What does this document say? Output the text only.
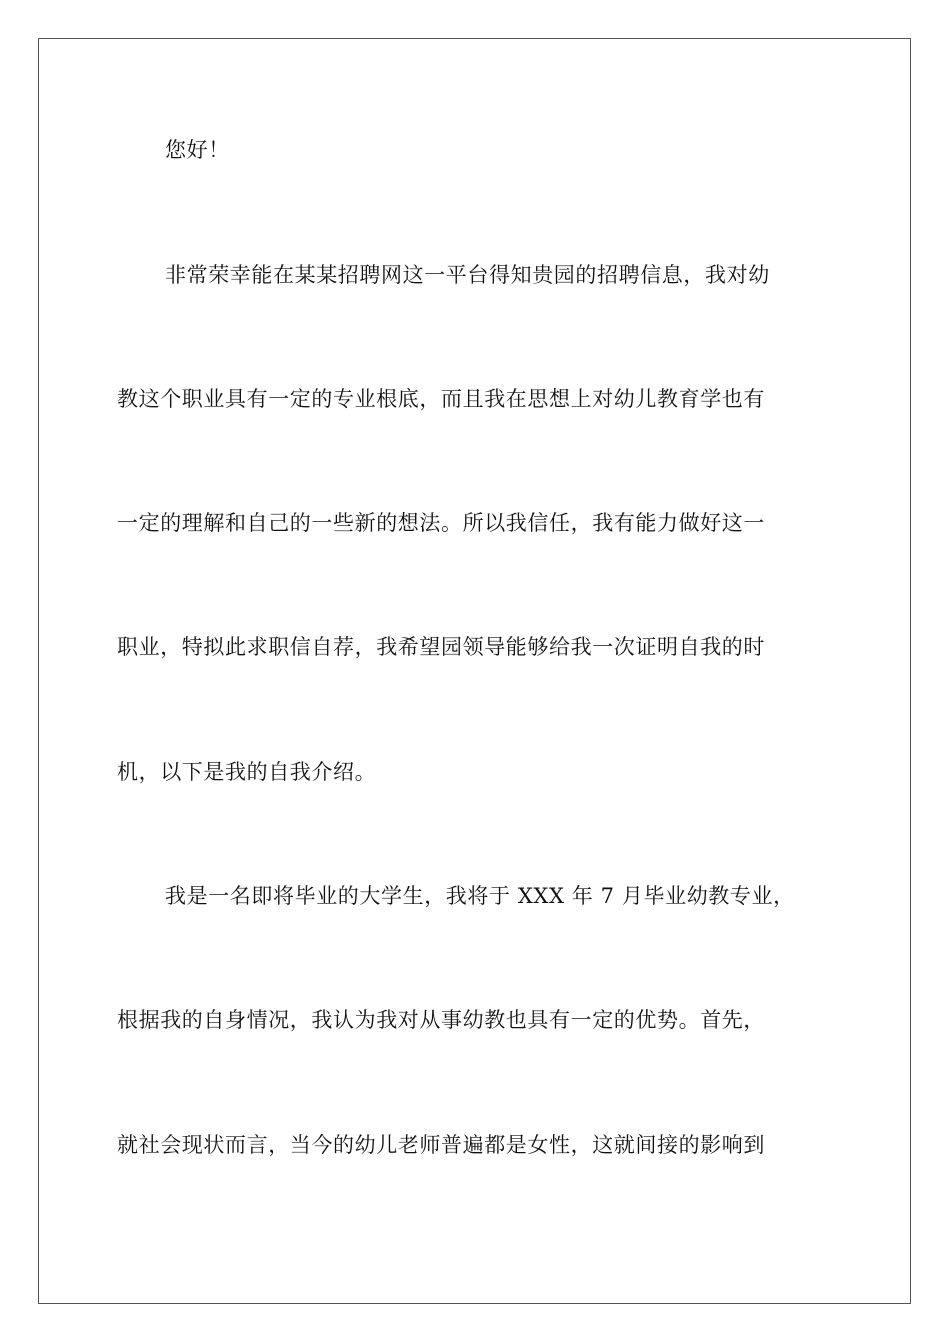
您好！
非常荣幸能在某某招聘网这一平台得知贵园的招聘信息，我对幼
教这个职业具有一定的专业根底，而且我在思想上对幼儿教育学也有
一定的理解和自己的一些新的想法。所以我信任，我有能力做好这一
职业，特拟此求职信自荐，我希望园领导能够给我一次证明自我的时
机，以下是我的自我介绍。
我是一名即将毕业的大学生，我将于 XXX 年 7 月毕业幼教专业，
根据我的自身情况，我认为我对从事幼教也具有一定的优势。首先，
就社会现状而言，当今的幼儿老师普遍都是女性，这就间接的影响到
